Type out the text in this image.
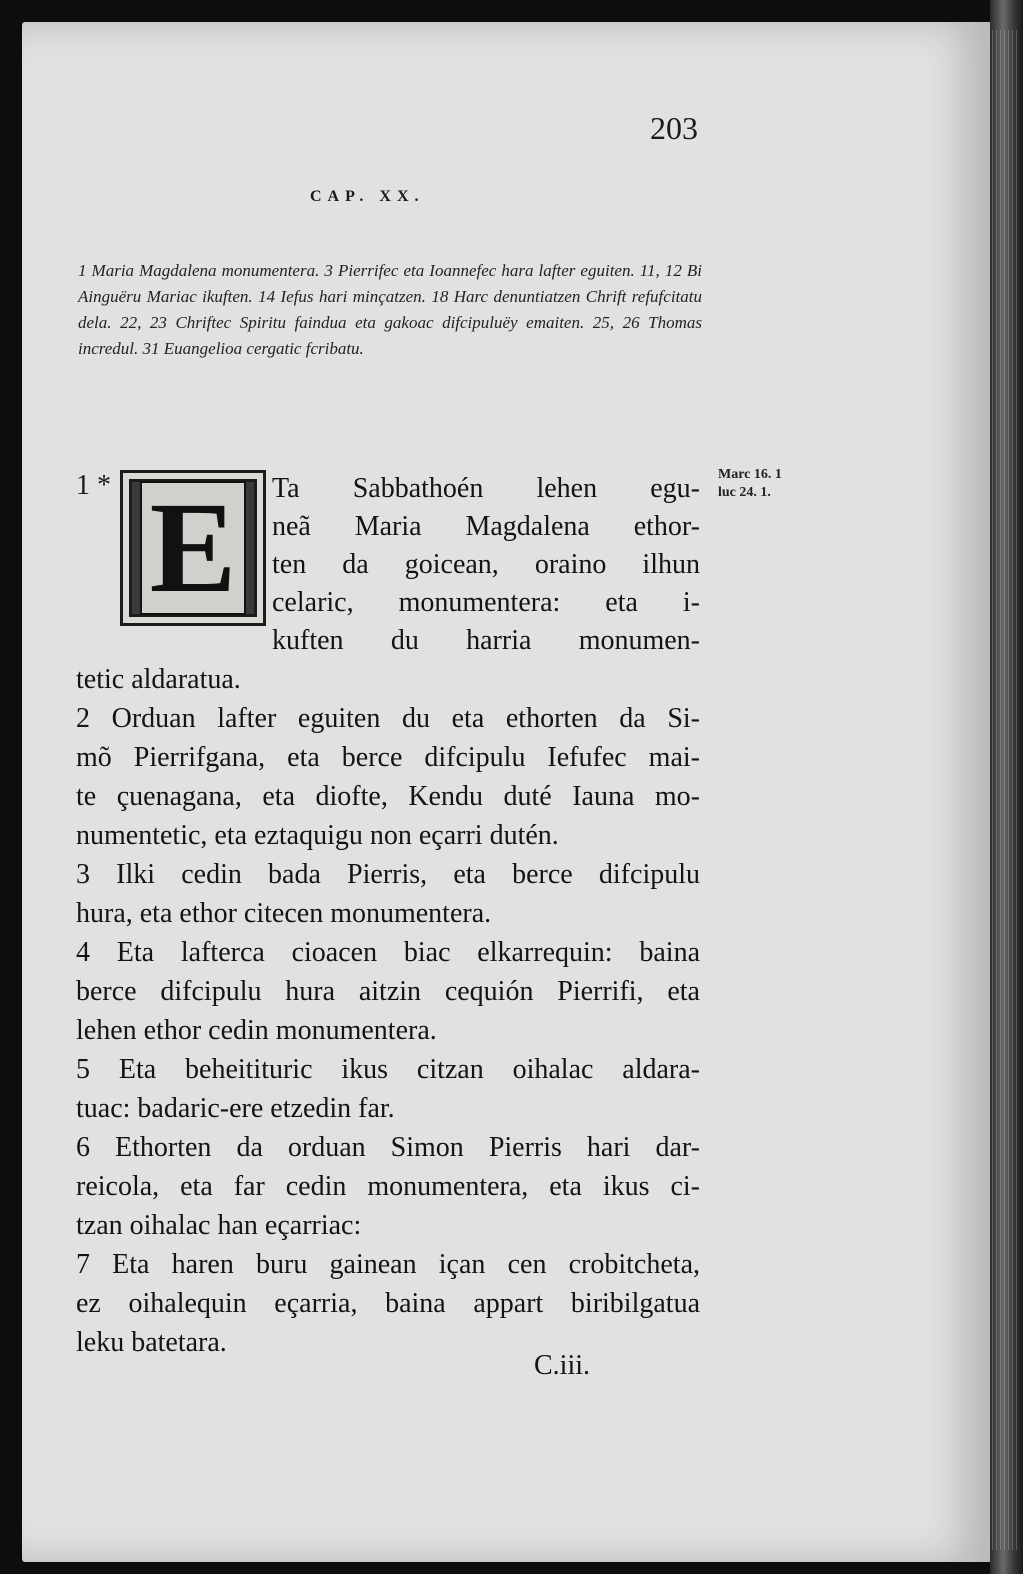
203
CAP. XX.
1 Maria Magdalena monumentera. 3 Pierrifec eta Ioannefec hara lafter eguiten. 11, 12 Bi Ainguëru Mariac ikuften. 14 Iefus hari minçatzen. 18 Harc denuntiatzen Chrift refufcitatu dela. 22, 23 Chriftec Spiritu faindua eta gakoac difcipuluëy emaiten. 25, 26 Thomas incredul. 31 Euangelioa cergatic fcribatu.
Marc 16. 1
luc 24. 1.
1 * E	Ta Sabbathoén lehen egu-
neã Maria Magdalena ethor-
ten da goicean, oraino ilhun
celaric, monumentera: eta i-
kuften du harria monumen-
tetic aldaratua.
2 Orduan lafter eguiten du eta ethorten da Si-
mõ Pierrifgana, eta berce difcipulu Iefufec mai-
te çuenagana, eta diofte, Kendu duté Iauna mo-
numentetic, eta eztaquigu non eçarri dutén.
3 Ilki cedin bada Pierris, eta berce difcipulu
hura, eta ethor citecen monumentera.
4 Eta lafterca cioacen biac elkarrequin: baina
berce difcipulu hura aitzin cequión Pierrifi, eta
lehen ethor cedin monumentera.
5 Eta beheitituric ikus citzan oihalac aldara-
tuac: badaric-ere etzedin far.
6 Ethorten da orduan Simon Pierris hari dar-
reicola, eta far cedin monumentera, eta ikus ci-
tzan oihalac han eçarriac:
7 Eta haren buru gainean içan cen crobitcheta,
ez oihalequin eçarria, baina appart biribilgatua
leku batetara.
C.iii.
